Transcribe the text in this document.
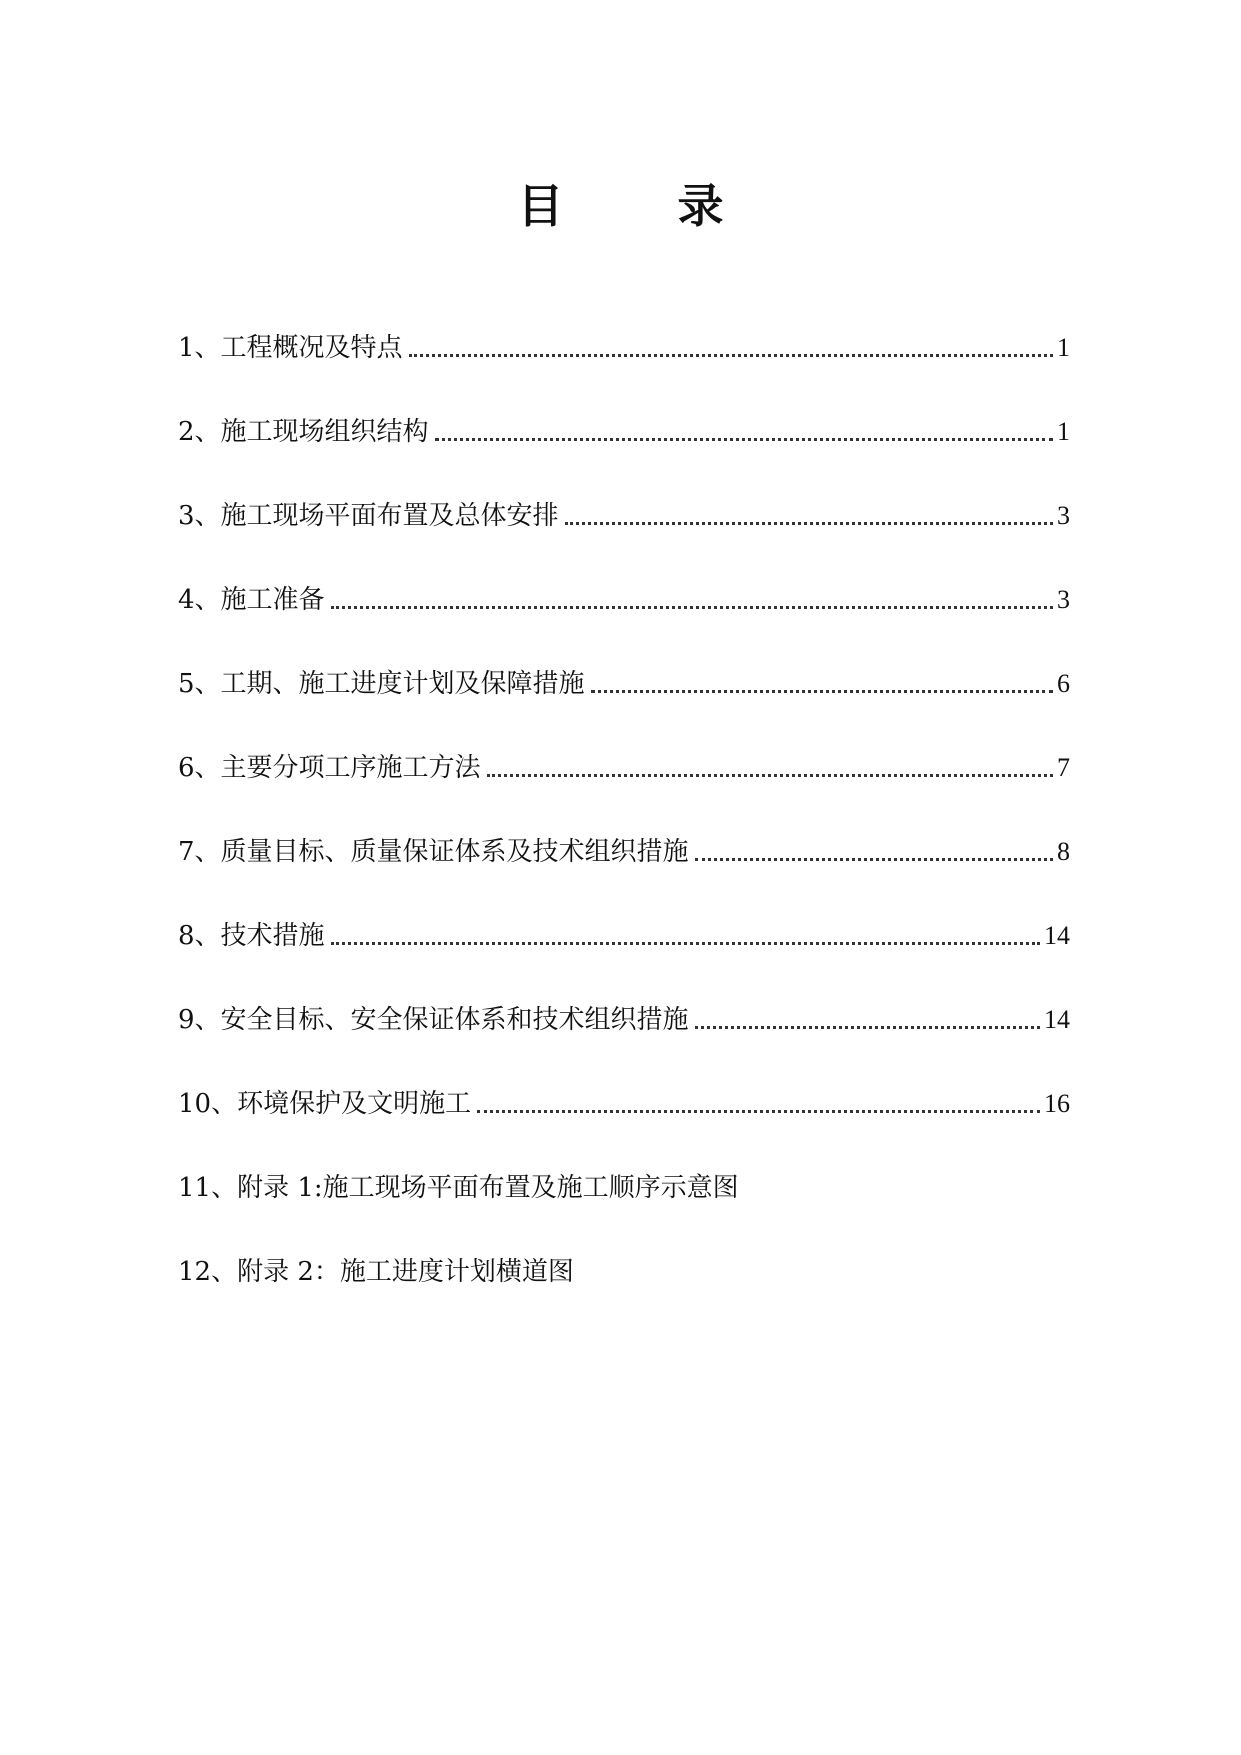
目　录
1、工程概况及特点	1
2、施工现场组织结构	1
3、施工现场平面布置及总体安排	3
4、施工准备	3
5、工期、施工进度计划及保障措施	6
6、主要分项工序施工方法	7
7、质量目标、质量保证体系及技术组织措施	8
8、技术措施	14
9、安全目标、安全保证体系和技术组织措施	14
10、环境保护及文明施工	16
11、附录 1:施工现场平面布置及施工顺序示意图
12、附录 2：施工进度计划横道图
